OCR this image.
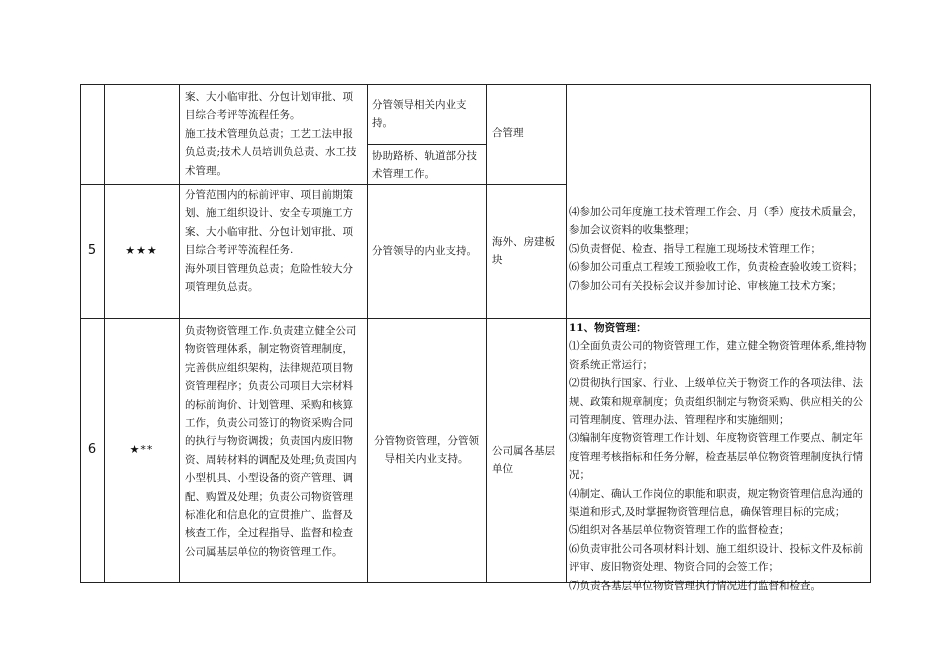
案、大小临审批、分包计划审批、项目综合考评等流程任务。
施工技术管理负总责；工艺工法申报负总责;技术人员培训负总责、水工技术管理。
分管领导相关内业支持。
协助路桥、轨道部分技术管理工作。
合管理
5	★★★
分管范围内的标前评审、项目前期策划、施工组织设计、安全专项施工方案、大小临审批、分包计划审批、项目综合考评等流程任务.
海外项目管理负总责；危险性较大分项管理负总责。
分管领导的内业支持。
海外、房建板块
⑷参加公司年度施工技术管理工作会、月（季）度技术质量会，参加会议资料的收集整理；
⑸负责督促、检查、指导工程施工现场技术管理工作；
⑹参加公司重点工程竣工预验收工作，负责检查验收竣工资料；
⑺参加公司有关投标会议并参加讨论、审核施工技术方案；
6	★**
负责物资管理工作.负责建立健全公司物资管理体系，制定物资管理制度，完善供应组织架构，法律规范项目物资管理程序；负责公司项目大宗材料的标前询价、计划管理、采购和核算工作，负责公司签订的物资采购合同的执行与物资调拨；负责国内废旧物资、周转材料的调配及处理;负责国内小型机具、小型设备的资产管理、调配、购置及处理；负责公司物资管理标准化和信息化的宣贯推广、监督及核查工作，全过程指导、监督和检查公司属基层单位的物资管理工作。
分管物资管理，分管领导相关内业支持。
公司属各基层单位
11、物资管理：
⑴全面负责公司的物资管理工作，建立健全物资管理体系,维持物资系统正常运行；
⑵贯彻执行国家、行业、上级单位关于物资工作的各项法律、法规、政策和规章制度；负责组织制定与物资采购、供应相关的公司管理制度、管理办法、管理程序和实施细则；
⑶编制年度物资管理工作计划、年度物资管理工作要点、制定年度管理考核指标和任务分解，检查基层单位物资管理制度执行情况；
⑷制定、确认工作岗位的职能和职责，规定物资管理信息沟通的渠道和形式,及时掌握物资管理信息，确保管理目标的完成；
⑸组织对各基层单位物资管理工作的监督检查；
⑹负责审批公司各项材料计划、施工组织设计、投标文件及标前评审、废旧物资处理、物资合同的会签工作；
⑺负责各基层单位物资管理执行情况进行监督和检查。
